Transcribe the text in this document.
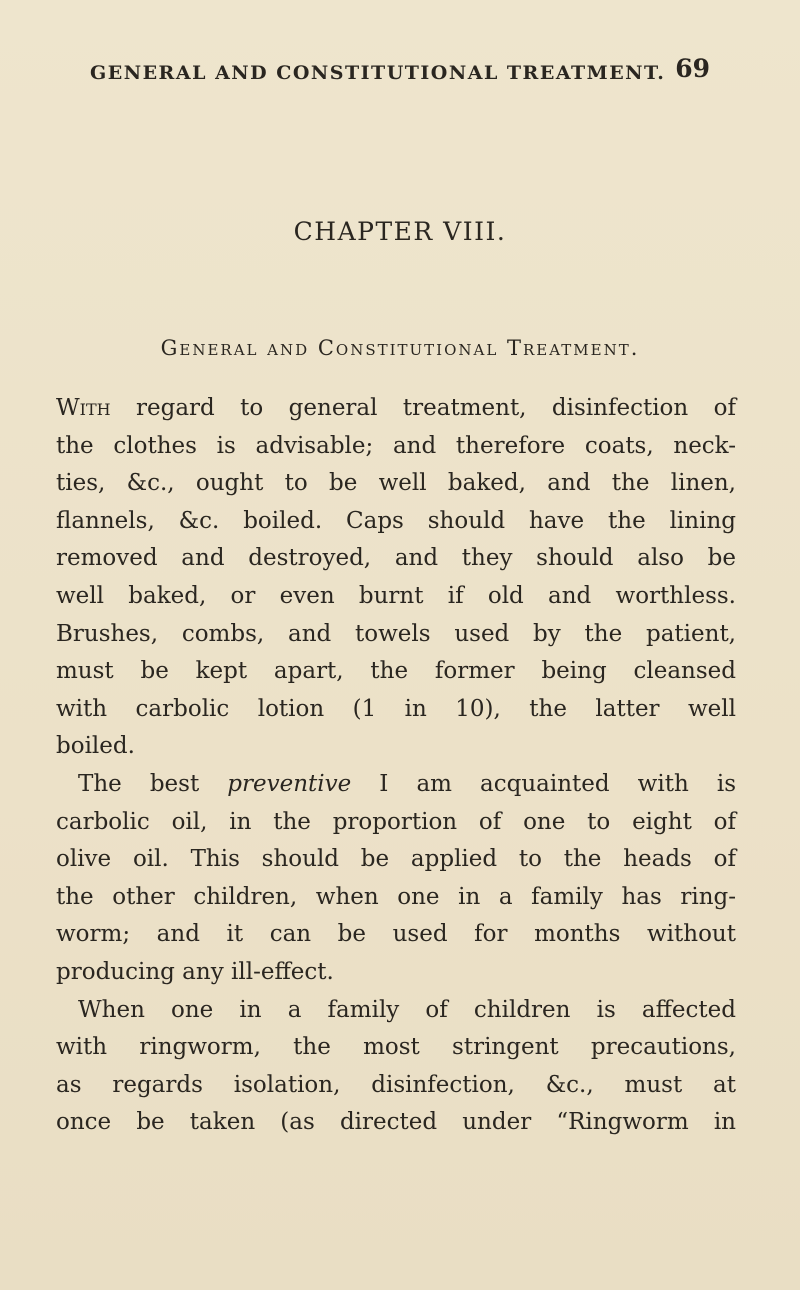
GENERAL AND CONSTITUTIONAL TREATMENT. 69
CHAPTER VIII.
General and Constitutional Treatment.
With regard to general treatment, disinfection of
the clothes is advisable; and therefore coats, neck-
ties, &c., ought to be well baked, and the linen,
flannels, &c. boiled. Caps should have the lining
removed and destroyed, and they should also be
well baked, or even burnt if old and worthless.
Brushes, combs, and towels used by the patient,
must be kept apart, the former being cleansed
with carbolic lotion (1 in 10), the latter well
boiled.
The best preventive I am acquainted with is
carbolic oil, in the proportion of one to eight of
olive oil. This should be applied to the heads of
the other children, when one in a family has ring-
worm; and it can be used for months without
producing any ill-effect.
When one in a family of children is affected
with ringworm, the most stringent precautions,
as regards isolation, disinfection, &c., must at
once be taken (as directed under “Ringworm in
